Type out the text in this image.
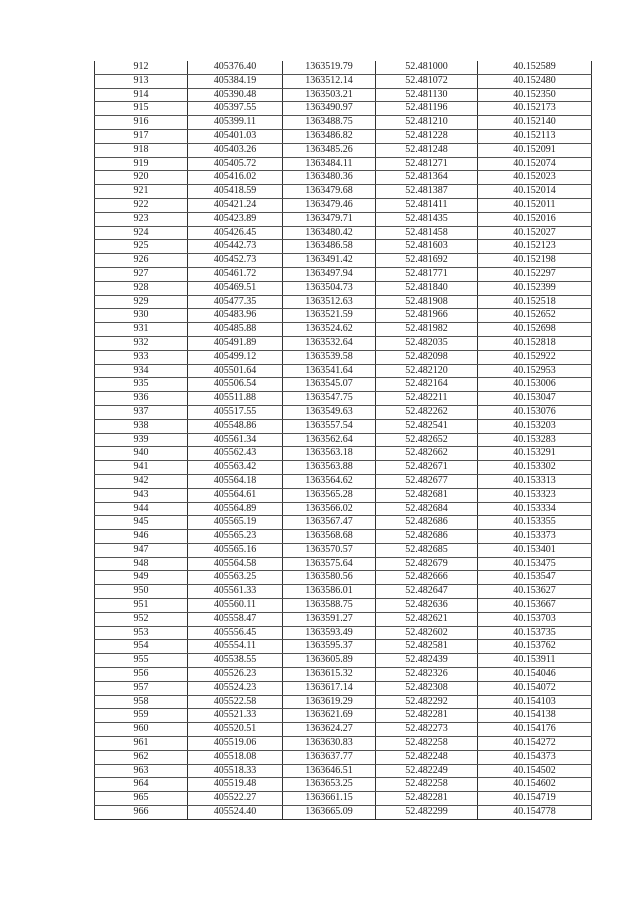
912	405376.40	1363519.79	52.481000	40.152589
913	405384.19	1363512.14	52.481072	40.152480
914	405390.48	1363503.21	52.481130	40.152350
915	405397.55	1363490.97	52.481196	40.152173
916	405399.11	1363488.75	52.481210	40.152140
917	405401.03	1363486.82	52.481228	40.152113
918	405403.26	1363485.26	52.481248	40.152091
919	405405.72	1363484.11	52.481271	40.152074
920	405416.02	1363480.36	52.481364	40.152023
921	405418.59	1363479.68	52.481387	40.152014
922	405421.24	1363479.46	52.481411	40.152011
923	405423.89	1363479.71	52.481435	40.152016
924	405426.45	1363480.42	52.481458	40.152027
925	405442.73	1363486.58	52.481603	40.152123
926	405452.73	1363491.42	52.481692	40.152198
927	405461.72	1363497.94	52.481771	40.152297
928	405469.51	1363504.73	52.481840	40.152399
929	405477.35	1363512.63	52.481908	40.152518
930	405483.96	1363521.59	52.481966	40.152652
931	405485.88	1363524.62	52.481982	40.152698
932	405491.89	1363532.64	52.482035	40.152818
933	405499.12	1363539.58	52.482098	40.152922
934	405501.64	1363541.64	52.482120	40.152953
935	405506.54	1363545.07	52.482164	40.153006
936	405511.88	1363547.75	52.482211	40.153047
937	405517.55	1363549.63	52.482262	40.153076
938	405548.86	1363557.54	52.482541	40.153203
939	405561.34	1363562.64	52.482652	40.153283
940	405562.43	1363563.18	52.482662	40.153291
941	405563.42	1363563.88	52.482671	40.153302
942	405564.18	1363564.62	52.482677	40.153313
943	405564.61	1363565.28	52.482681	40.153323
944	405564.89	1363566.02	52.482684	40.153334
945	405565.19	1363567.47	52.482686	40.153355
946	405565.23	1363568.68	52.482686	40.153373
947	405565.16	1363570.57	52.482685	40.153401
948	405564.58	1363575.64	52.482679	40.153475
949	405563.25	1363580.56	52.482666	40.153547
950	405561.33	1363586.01	52.482647	40.153627
951	405560.11	1363588.75	52.482636	40.153667
952	405558.47	1363591.27	52.482621	40.153703
953	405556.45	1363593.49	52.482602	40.153735
954	405554.11	1363595.37	52.482581	40.153762
955	405538.55	1363605.89	52.482439	40.153911
956	405526.23	1363615.32	52.482326	40.154046
957	405524.23	1363617.14	52.482308	40.154072
958	405522.58	1363619.29	52.482292	40.154103
959	405521.33	1363621.69	52.482281	40.154138
960	405520.51	1363624.27	52.482273	40.154176
961	405519.06	1363630.83	52.482258	40.154272
962	405518.08	1363637.77	52.482248	40.154373
963	405518.33	1363646.51	52.482249	40.154502
964	405519.48	1363653.25	52.482258	40.154602
965	405522.27	1363661.15	52.482281	40.154719
966	405524.40	1363665.09	52.482299	40.154778
